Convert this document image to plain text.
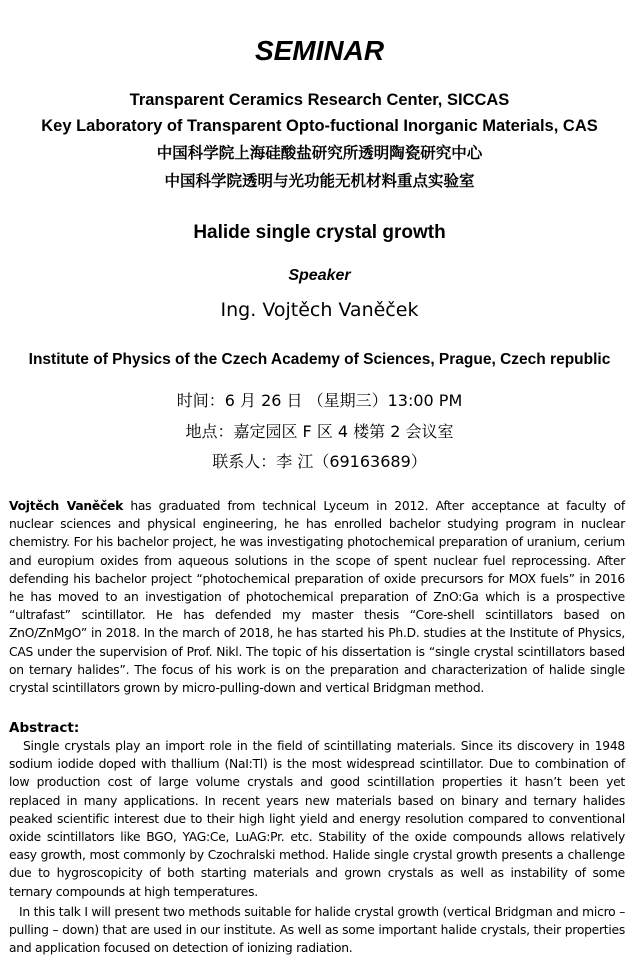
SEMINAR
Transparent Ceramics Research Center, SICCAS
Key Laboratory of Transparent Opto-fuctional Inorganic Materials, CAS
中国科学院上海硅酸盐研究所透明陶瓷研究中心
中国科学院透明与光功能无机材料重点实验室
Halide single crystal growth
Speaker
Ing. Vojtěch Vaněček
Institute of Physics of the Czech Academy of Sciences, Prague, Czech republic
时间：6 月 26 日 （星期三）13:00 PM
地点：嘉定园区 F 区 4 楼第 2 会议室
联系人：李 江（69163689）
Vojtěch Vaněček has graduated from technical Lyceum in 2012. After acceptance at faculty of nuclear sciences and physical engineering, he has enrolled bachelor studying program in nuclear chemistry. For his bachelor project, he was investigating photochemical preparation of uranium, cerium and europium oxides from aqueous solutions in the scope of spent nuclear fuel reprocessing. After defending his bachelor project “photochemical preparation of oxide precursors for MOX fuels” in 2016 he has moved to an investigation of photochemical preparation of ZnO:Ga which is a prospective “ultrafast” scintillator. He has defended my master thesis “Core-shell scintillators based on ZnO/ZnMgO” in 2018. In the march of 2018, he has started his Ph.D. studies at the Institute of Physics, CAS under the supervision of Prof. Nikl. The topic of his dissertation is “single crystal scintillators based on ternary halides”. The focus of his work is on the preparation and characterization of halide single crystal scintillators grown by micro-pulling-down and vertical Bridgman method.
Abstract:
Single crystals play an import role in the field of scintillating materials. Since its discovery in 1948 sodium iodide doped with thallium (NaI:Tl) is the most widespread scintillator. Due to combination of low production cost of large volume crystals and good scintillation properties it hasn’t been yet replaced in many applications. In recent years new materials based on binary and ternary halides peaked scientific interest due to their high light yield and energy resolution compared to conventional oxide scintillators like BGO, YAG:Ce, LuAG:Pr. etc. Stability of the oxide compounds allows relatively easy growth, most commonly by Czochralski method. Halide single crystal growth presents a challenge due to hygroscopicity of both starting materials and grown crystals as well as instability of some ternary compounds at high temperatures.
In this talk I will present two methods suitable for halide crystal growth (vertical Bridgman and micro – pulling – down) that are used in our institute. As well as some important halide crystals, their properties and application focused on detection of ionizing radiation.
